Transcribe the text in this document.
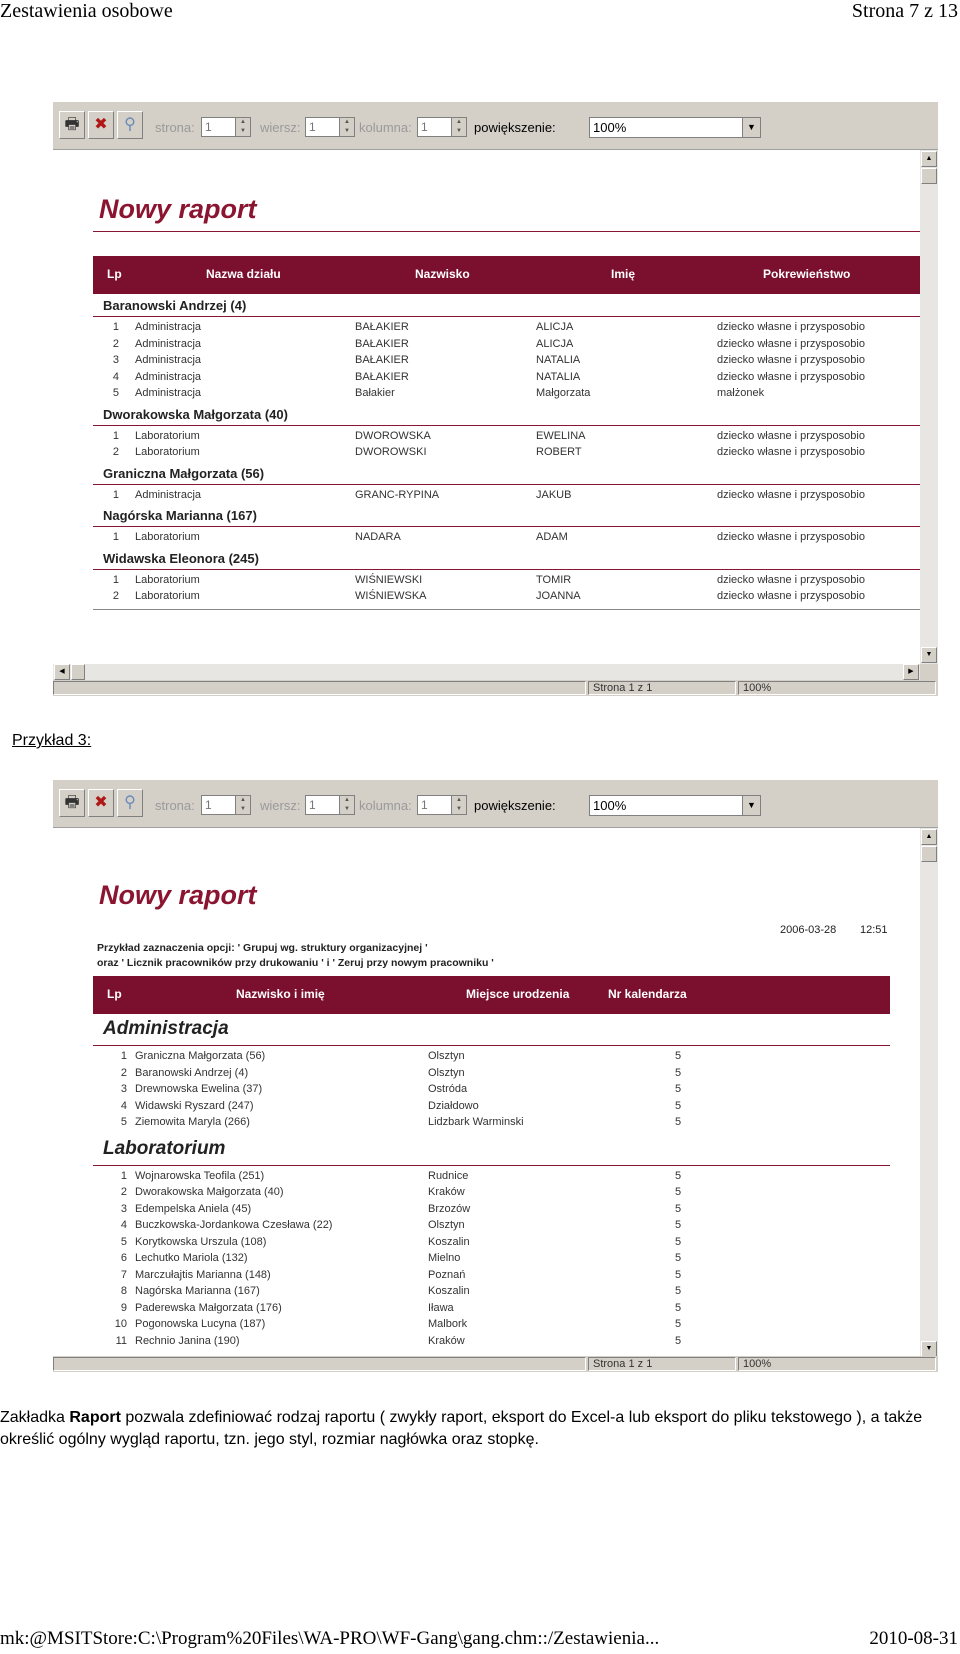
Zestawienia osobowe	Strona 7 z 13
🖶 ✖	⚲	strona: 1	▲
▼	wiersz: 1	▲
▼ kolumna: 1	▲
▼ powiększenie:	100%	▼
Nowy raport
Lp	Nazwa działu	Nazwisko	Imię	Pokrewieństwo
Baranowski Andrzej (4)
1 Administracja	BAŁAKIER	ALICJA	dziecko własne i przysposobio
2 Administracja	BAŁAKIER	ALICJA	dziecko własne i przysposobio
3 Administracja	BAŁAKIER	NATALIA	dziecko własne i przysposobio
4 Administracja	BAŁAKIER	NATALIA	dziecko własne i przysposobio
5 Administracja	Bałakier	Małgorzata	małżonek
Dworakowska Małgorzata (40)
1 Laboratorium	DWOROWSKA	EWELINA	dziecko własne i przysposobio
2 Laboratorium	DWOROWSKI	ROBERT	dziecko własne i przysposobio
Graniczna Małgorzata (56)
1 Administracja	GRANC-RYPINA	JAKUB	dziecko własne i przysposobio
Nagórska Marianna (167)
1 Laboratorium	NADARA	ADAM	dziecko własne i przysposobio
Widawska Eleonora (245)
1 Laboratorium	WIŚNIEWSKI	TOMIR	dziecko własne i przysposobio
2 Laboratorium	WIŚNIEWSKA	JOANNA	dziecko własne i przysposobio
▲
▼
◀	▶
Strona 1 z 1	100%
Przykład 3:
🖶 ✖	⚲	strona: 1	▲
▼	wiersz: 1	▲
▼ kolumna: 1	▲
▼ powiększenie:	100%	▼
Nowy raport
2006-03-28 12:51
Przykład zaznaczenia opcji: ' Grupuj wg. struktury organizacyjnej '
oraz ' Licznik pracowników przy drukowaniu ' i ' Zeruj przy nowym pracowniku '
Lp	Nazwisko i imię	Miejsce urodzenia	Nr kalendarza
Administracja
1 Graniczna Małgorzata (56)	Olsztyn	5
2 Baranowski Andrzej (4)	Olsztyn	5
3 Drewnowska Ewelina (37)	Ostróda	5
4 Widawski Ryszard (247)	Działdowo	5
5 Ziemowita Maryla (266)	Lidzbark Warminski	5
Laboratorium
1 Wojnarowska Teofila (251)	Rudnice	5
2 Dworakowska Małgorzata (40)	Kraków	5
3 Edempelska Aniela (45)	Brzozów	5
4 Buczkowska-Jordankowa Czesława (22)	Olsztyn	5
5 Korytkowska Urszula (108)	Koszalin	5
6 Lechutko Mariola (132)	Mielno	5
7 Marczułajtis Marianna (148)	Poznań	5
8 Nagórska Marianna (167)	Koszalin	5
9 Paderewska Małgorzata (176)	Iława	5
10 Pogonowska Lucyna (187)	Malbork	5
11 Rechnio Janina (190)	Kraków	5
▲
▼
Strona 1 z 1	100%
Zakładka Raport pozwala zdefiniować rodzaj raportu ( zwykły raport, eksport do Excel-a lub eksport do pliku tekstowego ), a także określić ogólny wygląd raportu, tzn. jego styl, rozmiar nagłówka oraz stopkę.
mk:@MSITStore:C:\Program%20Files\WA-PRO\WF-Gang\gang.chm::/Zestawienia...	2010-08-31
